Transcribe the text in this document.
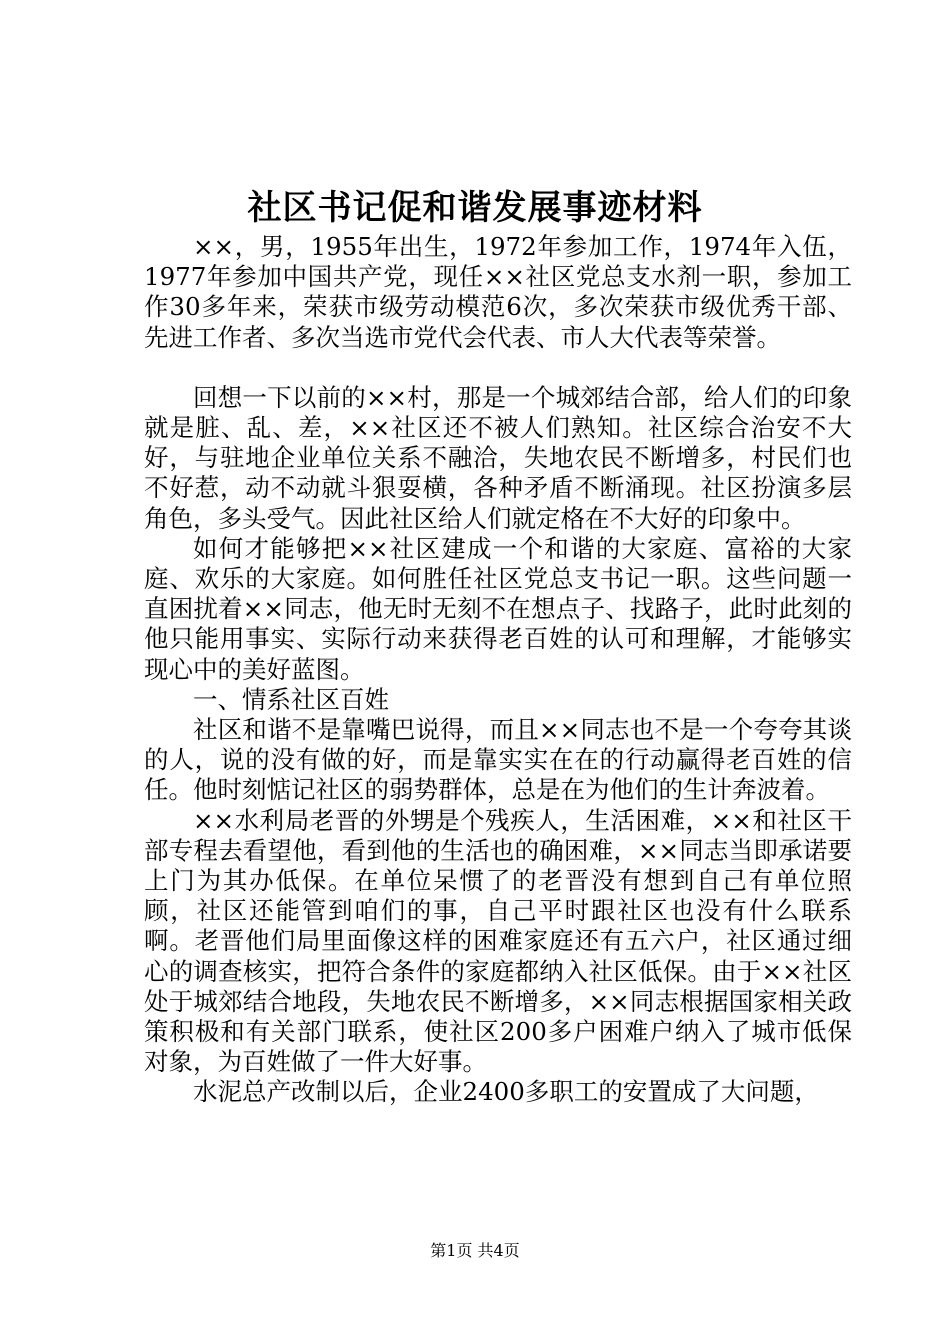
社区书记促和谐发展事迹材料

××，男，1955年出生，1972年参加工作，1974年入伍，1977年参加中国共产党，现任××社区党总支水剂一职，参加工作30多年来，荣获市级劳动模范6次，多次荣获市级优秀干部、先进工作者、多次当选市党代会代表、市人大代表等荣誉。

回想一下以前的××村，那是一个城郊结合部，给人们的印象就是脏、乱、差，××社区还不被人们熟知。社区综合治安不大好，与驻地企业单位关系不融洽，失地农民不断增多，村民们也不好惹，动不动就斗狠耍横，各种矛盾不断涌现。社区扮演多层角色，多头受气。因此社区给人们就定格在不大好的印象中。

如何才能够把××社区建成一个和谐的大家庭、富裕的大家庭、欢乐的大家庭。如何胜任社区党总支书记一职。这些问题一直困扰着××同志，他无时无刻不在想点子、找路子，此时此刻的他只能用事实、实际行动来获得老百姓的认可和理解，才能够实现心中的美好蓝图。

一、情系社区百姓

社区和谐不是靠嘴巴说得，而且××同志也不是一个夸夸其谈的人，说的没有做的好，而是靠实实在在的行动赢得老百姓的信任。他时刻惦记社区的弱势群体，总是在为他们的生计奔波着。

××水利局老晋的外甥是个残疾人，生活困难，××和社区干部专程去看望他，看到他的生活也的确困难，××同志当即承诺要上门为其办低保。在单位呆惯了的老晋没有想到自己有单位照顾，社区还能管到咱们的事，自己平时跟社区也没有什么联系啊。老晋他们局里面像这样的困难家庭还有五六户，社区通过细心的调查核实，把符合条件的家庭都纳入社区低保。由于××社区处于城郊结合地段，失地农民不断增多，××同志根据国家相关政策积极和有关部门联系，使社区200多户困难户纳入了城市低保对象，为百姓做了一件大好事。

水泥总产改制以后，企业2400多职工的安置成了大问题，

第1页 共4页
